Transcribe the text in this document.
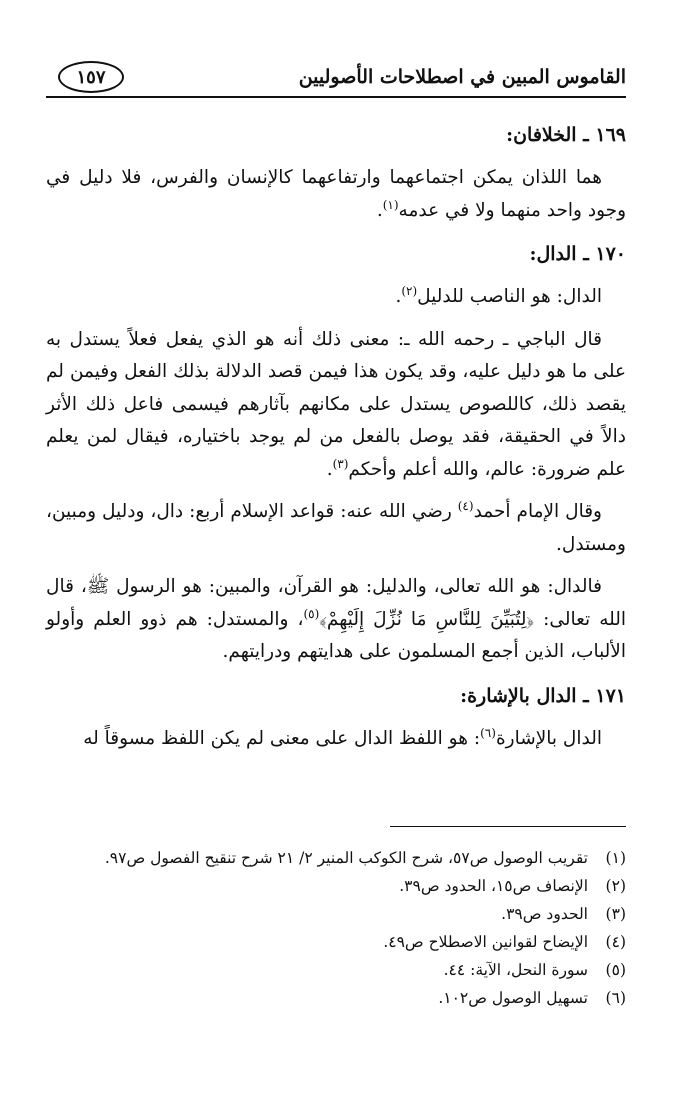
القاموس المبين في اصطلاحات الأصوليين
١٥٧
١٦٩ ـ الخلافان:

هما اللذان يمكن اجتماعهما وارتفاعهما كالإنسان والفرس، فلا دليل في وجود واحد منهما ولا في عدمه$^{(١)}$.

١٧٠ ـ الدال:

الدال: هو الناصب للدليل$^{(٢)}$.

قال الباجي ـ رحمه الله ـ: معنى ذلك أنه هو الذي يفعل فعلاً يستدل به على ما هو دليل عليه، وقد يكون هذا فيمن قصد الدلالة بذلك الفعل وفيمن لم يقصد ذلك، كاللصوص يستدل على مكانهم بآثارهم فيسمى فاعل ذلك الأثر دالاً في الحقيقة، فقد يوصل بالفعل من لم يوجد باختياره، فيقال لمن يعلم علم ضرورة: عالم، والله أعلم وأحكم$^{(٣)}$.

وقال الإمام أحمد$^{(٤)}$ رضي الله عنه: قواعد الإسلام أربع: دال، ودليل ومبين، ومستدل.

فالدال: هو الله تعالى، والدليل: هو القرآن، والمبين: هو الرسول ﷺ، قال الله تعالى: ﴿لِتُبَيِّنَ لِلنَّاسِ مَا نُزِّلَ إِلَيْهِمْ﴾$^{(٥)}$، والمستدل: هم ذوو العلم وأولو الألباب، الذين أجمع المسلمون على هدايتهم ودرايتهم.

١٧١ ـ الدال بالإشارة:

الدال بالإشارة$^{(٦)}$: هو اللفظ الدال على معنى لم يكن اللفظ مسوقاً له

(١)
تقريب الوصول ص٥٧، شرح الكوكب المنير ٢/ ٢١ شرح تنقيح الفصول ص٩٧.
(٢)
الإنصاف ص١٥، الحدود ص٣٩.
(٣)
الحدود ص٣٩.
(٤)
الإيضاح لقوانين الاصطلاح ص٤٩.
(٥)
سورة النحل، الآية: ٤٤.
(٦)
تسهيل الوصول ص١٠٢.
